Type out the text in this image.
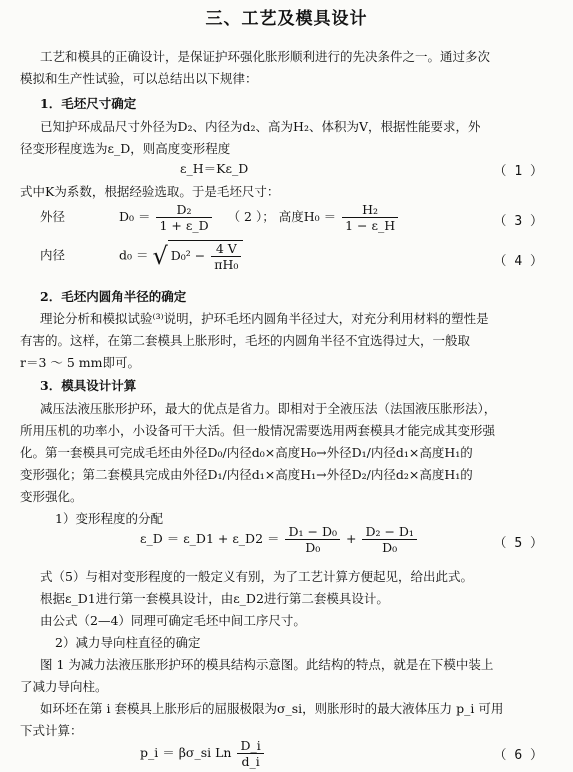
三、工艺及模具设计
工艺和模具的正确设计，是保证护环强化胀形顺利进行的先决条件之一。通过多次
模拟和生产性试验，可以总结出以下规律：
1．毛坯尺寸确定
已知护环成品尺寸外径为D₂、内径为d₂、高为H₂、体积为V，根据性能要求，外
径变形程度选为ε_D，则高度变形程度
ε_H＝Kε_D	（ 1 ）
式中K为系数，根据经验选取。于是毛坯尺寸：
外径	$D_0 = \frac{\text{D₂}}{1 + \varepsilon\_D}$ （ 2 ）； 高度$H_0 = \frac{\text{H₂}}{1 - \varepsilon\_H}$	（ 3 ）
内径	d₀ ＝ √ $D_0^2 - \frac{4 V}{\text{πH₀}}$	（ 4 ）
2．毛坯内圆角半径的确定
理论分析和模拟试验⁽³⁾说明，护环毛坯内圆角半径过大，对充分利用材料的塑性是
有害的。这样，在第二套模具上胀形时，毛坯的内圆角半径不宜选得过大，一般取
r＝3 ～ 5 mm即可。
3．模具设计计算
减压法液压胀形护环，最大的优点是省力。即相对于全液压法（法国液压胀形法），
所用压机的功率小，小设备可干大活。但一般情况需要选用两套模具才能完成其变形强
化。第一套模具可完成毛坯由外径D₀/内径d₀×高度H₀→外径D₁/内径d₁×高度H₁的
变形强化；第二套模具完成由外径D₁/内径d₁×高度H₁→外径D₂/内径d₂×高度H₁的
变形强化。
1）变形程度的分配
ε_D ＝ ε_D1 + ε_D2 ＝ $\frac{\text{D₁ − D₀}}{\text{D₀}} + \frac{\text{D₂ − D₁}}{\text{D₀}}$	（ 5 ）
式（5）与相对变形程度的一般定义有别，为了工艺计算方便起见，给出此式。
根据ε_D1进行第一套模具设计，由ε_D2进行第二套模具设计。
由公式（2—4）同理可确定毛坯中间工序尺寸。
2）减力导向柱直径的确定
图 1 为减力法液压胀形护环的模具结构示意图。此结构的特点，就是在下模中装上
了减力导向柱。
如环坯在第 i 套模具上胀形后的屈服极限为σ_si，则胀形时的最大液体压力 p_i 可用
下式计算：
p_i ＝ βσ_si Ln $\frac{D\_i}{d\_i}$	（ 6 ）
